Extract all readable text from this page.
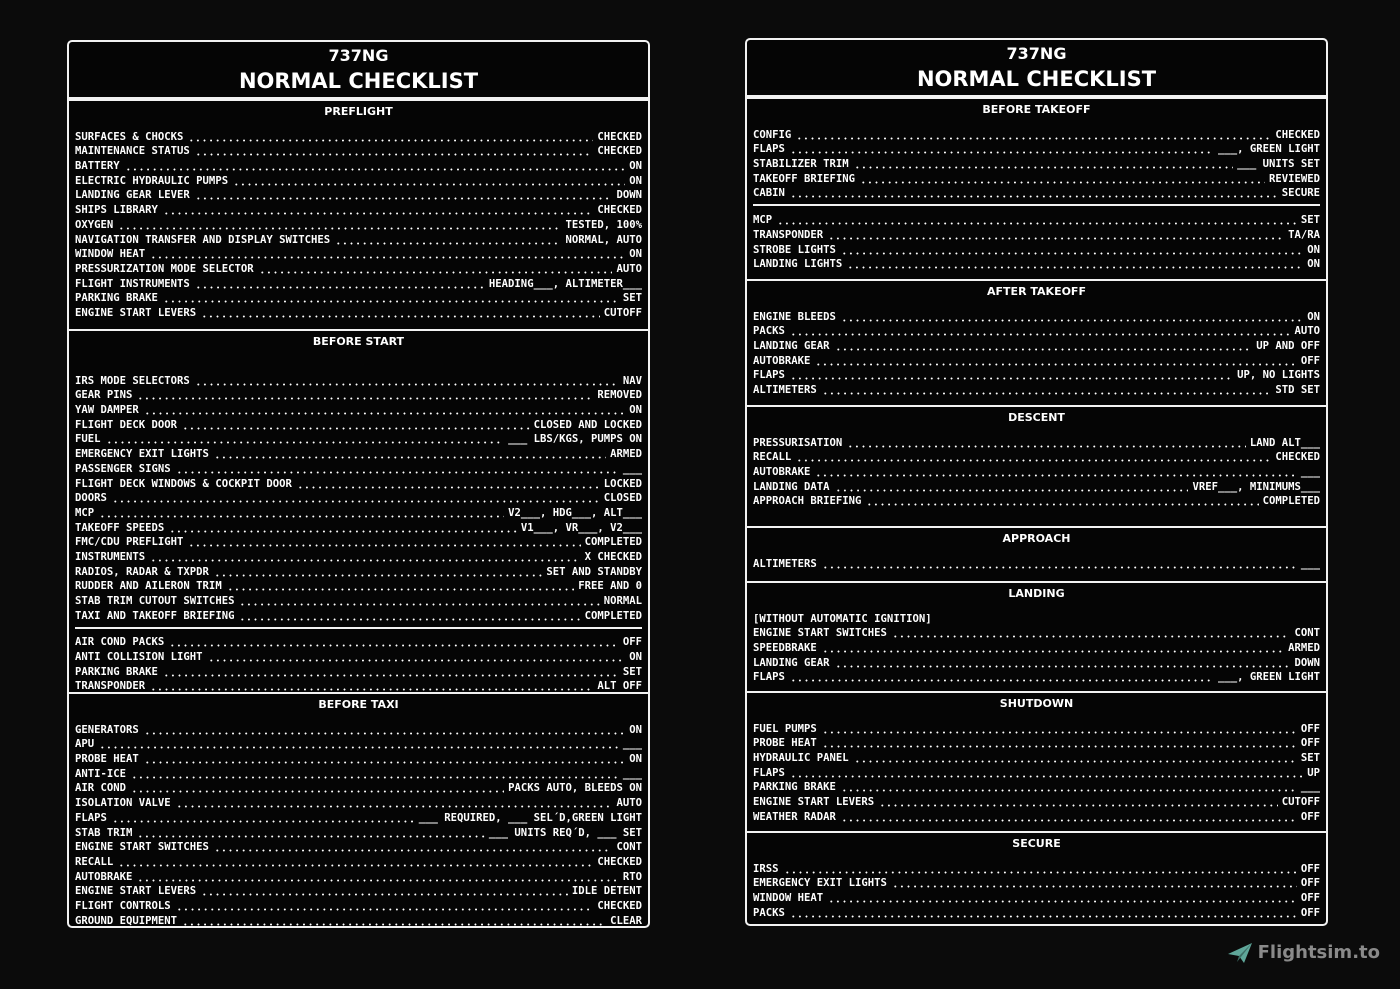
737NG
NORMAL CHECKLIST
PREFLIGHT
SURFACES & CHOCKS	CHECKED
MAINTENANCE STATUS	CHECKED
BATTERY	ON
ELECTRIC HYDRAULIC PUMPS	ON
LANDING GEAR LEVER	DOWN
SHIPS LIBRARY	CHECKED
OXYGEN	TESTED, 100%
NAVIGATION TRANSFER AND DISPLAY SWITCHES	NORMAL, AUTO
WINDOW HEAT	ON
PRESSURIZATION MODE SELECTOR	AUTO
FLIGHT INSTRUMENTS	HEADING___, ALTIMETER___
PARKING BRAKE	SET
ENGINE START LEVERS	CUTOFF
BEFORE START
IRS MODE SELECTORS	NAV
GEAR PINS	REMOVED
YAW DAMPER	ON
FLIGHT DECK DOOR	CLOSED AND LOCKED
FUEL	___ LBS/KGS, PUMPS ON
EMERGENCY EXIT LIGHTS	ARMED
PASSENGER SIGNS	___
FLIGHT DECK WINDOWS & COCKPIT DOOR	LOCKED
DOORS	CLOSED
MCP	V2___, HDG___, ALT___
TAKEOFF SPEEDS	V1___, VR___, V2___
FMC/CDU PREFLIGHT	COMPLETED
INSTRUMENTS	X CHECKED
RADIOS, RADAR & TXPDR	SET AND STANDBY
RUDDER AND AILERON TRIM	FREE AND 0
STAB TRIM CUTOUT SWITCHES	NORMAL
TAXI AND TAKEOFF BRIEFING	COMPLETED
AIR COND PACKS	OFF
ANTI COLLISION LIGHT	ON
PARKING BRAKE	SET
TRANSPONDER	ALT OFF
BEFORE TAXI
GENERATORS	ON
APU	___
PROBE HEAT	ON
ANTI-ICE	___
AIR COND	PACKS AUTO, BLEEDS ON
ISOLATION VALVE	AUTO
FLAPS	___ REQUIRED, ___ SEL´D,GREEN LIGHT
STAB TRIM	___ UNITS REQ´D, ___ SET
ENGINE START SWITCHES	CONT
RECALL	CHECKED
AUTOBRAKE	RTO
ENGINE START LEVERS	IDLE DETENT
FLIGHT CONTROLS	CHECKED
GROUND EQUIPMENT	CLEAR
737NG
NORMAL CHECKLIST
BEFORE TAKEOFF
CONFIG	CHECKED
FLAPS	___, GREEN LIGHT
STABILIZER TRIM	___ UNITS SET
TAKEOFF BRIEFING	REVIEWED
CABIN	SECURE
MCP	SET
TRANSPONDER	TA/RA
STROBE LIGHTS	ON
LANDING LIGHTS	ON
AFTER TAKEOFF
ENGINE BLEEDS	ON
PACKS	AUTO
LANDING GEAR	UP AND OFF
AUTOBRAKE	OFF
FLAPS	UP, NO LIGHTS
ALTIMETERS	STD SET
DESCENT
PRESSURISATION	LAND ALT___
RECALL	CHECKED
AUTOBRAKE	___
LANDING DATA	VREF___, MINIMUMS___
APPROACH BRIEFING	COMPLETED
APPROACH
ALTIMETERS	___
LANDING
[WITHOUT AUTOMATIC IGNITION]
ENGINE START SWITCHES	CONT
SPEEDBRAKE	ARMED
LANDING GEAR	DOWN
FLAPS	___, GREEN LIGHT
SHUTDOWN
FUEL PUMPS	OFF
PROBE HEAT	OFF
HYDRAULIC PANEL	SET
FLAPS	UP
PARKING BRAKE	___
ENGINE START LEVERS	CUTOFF
WEATHER RADAR	OFF
SECURE
IRSS	OFF
EMERGENCY EXIT LIGHTS	OFF
WINDOW HEAT	OFF
PACKS	OFF
Flightsim.to
